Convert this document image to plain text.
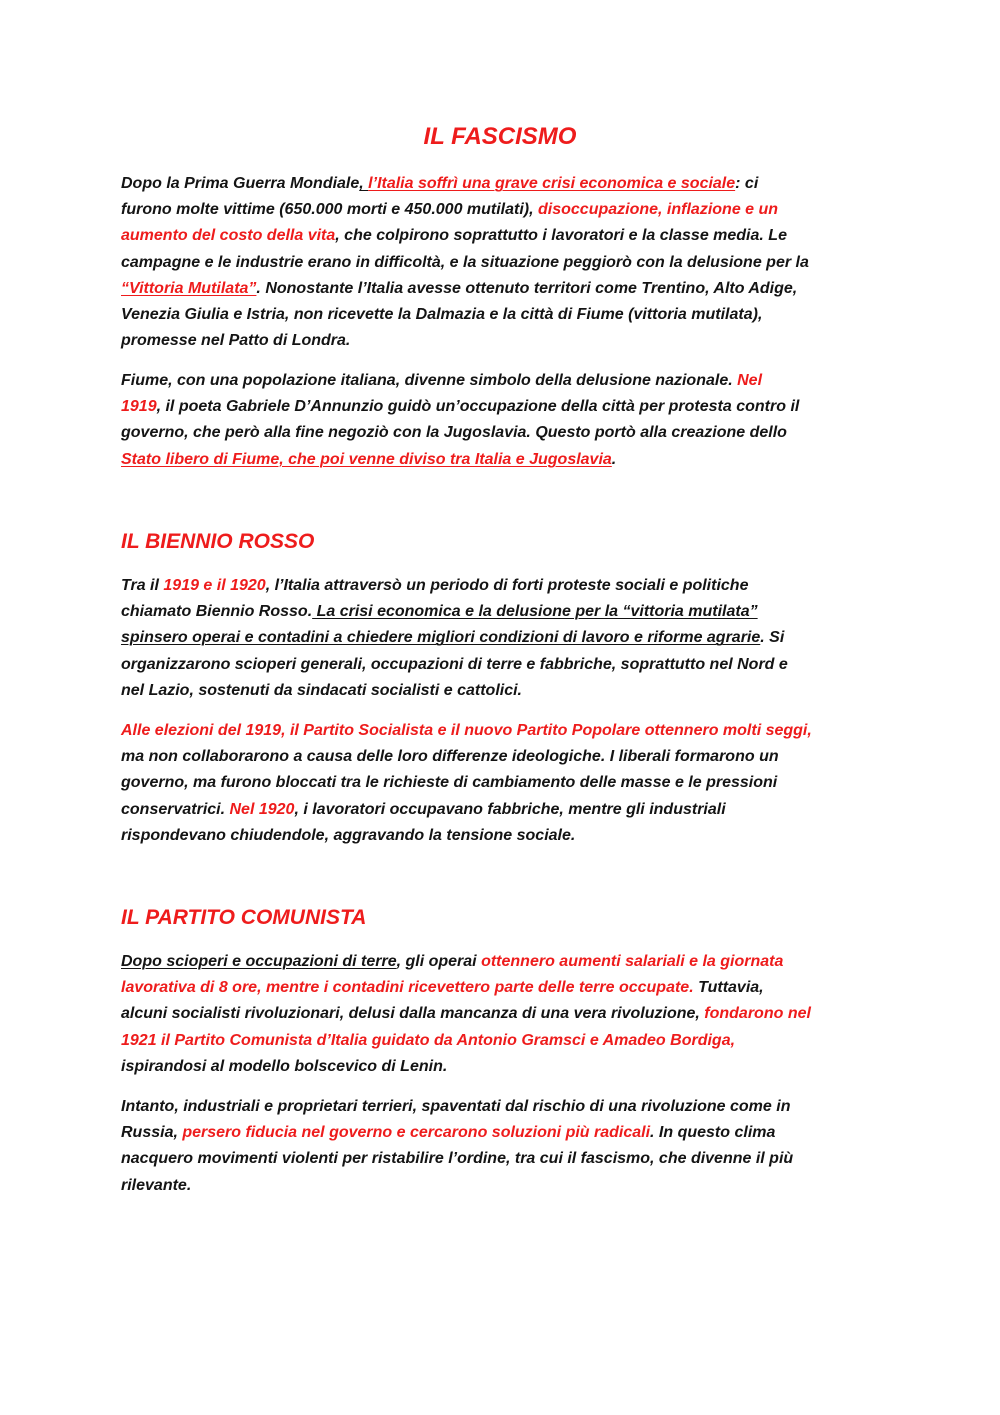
IL FASCISMO

Dopo la Prima Guerra Mondiale, l’Italia soffrì una grave crisi economica e sociale: ci
furono molte vittime (650.000 morti e 450.000 mutilati), disoccupazione, inflazione e un
aumento del costo della vita, che colpirono soprattutto i lavoratori e la classe media. Le
campagne e le industrie erano in difficoltà, e la situazione peggiorò con la delusione per la
“Vittoria Mutilata”. Nonostante l’Italia avesse ottenuto territori come Trentino, Alto Adige,
Venezia Giulia e Istria, non ricevette la Dalmazia e la città di Fiume (vittoria mutilata),
promesse nel Patto di Londra.

Fiume, con una popolazione italiana, divenne simbolo della delusione nazionale. Nel
1919, il poeta Gabriele D’Annunzio guidò un’occupazione della città per protesta contro il
governo, che però alla fine negoziò con la Jugoslavia. Questo portò alla creazione dello
Stato libero di Fiume, che poi venne diviso tra Italia e Jugoslavia.

IL BIENNIO ROSSO

Tra il 1919 e il 1920, l’Italia attraversò un periodo di forti proteste sociali e politiche
chiamato Biennio Rosso. La crisi economica e la delusione per la “vittoria mutilata”
spinsero operai e contadini a chiedere migliori condizioni di lavoro e riforme agrarie. Si
organizzarono scioperi generali, occupazioni di terre e fabbriche, soprattutto nel Nord e
nel Lazio, sostenuti da sindacati socialisti e cattolici.

Alle elezioni del 1919, il Partito Socialista e il nuovo Partito Popolare ottennero molti seggi,
ma non collaborarono a causa delle loro differenze ideologiche. I liberali formarono un
governo, ma furono bloccati tra le richieste di cambiamento delle masse e le pressioni
conservatrici. Nel 1920, i lavoratori occupavano fabbriche, mentre gli industriali
rispondevano chiudendole, aggravando la tensione sociale.

IL PARTITO COMUNISTA

Dopo scioperi e occupazioni di terre, gli operai ottennero aumenti salariali e la giornata
lavorativa di 8 ore, mentre i contadini ricevettero parte delle terre occupate. Tuttavia,
alcuni socialisti rivoluzionari, delusi dalla mancanza di una vera rivoluzione, fondarono nel
1921 il Partito Comunista d’Italia guidato da Antonio Gramsci e Amadeo Bordiga,
ispirandosi al modello bolscevico di Lenin.

Intanto, industriali e proprietari terrieri, spaventati dal rischio di una rivoluzione come in
Russia, persero fiducia nel governo e cercarono soluzioni più radicali. In questo clima
nacquero movimenti violenti per ristabilire l’ordine, tra cui il fascismo, che divenne il più
rilevante.
